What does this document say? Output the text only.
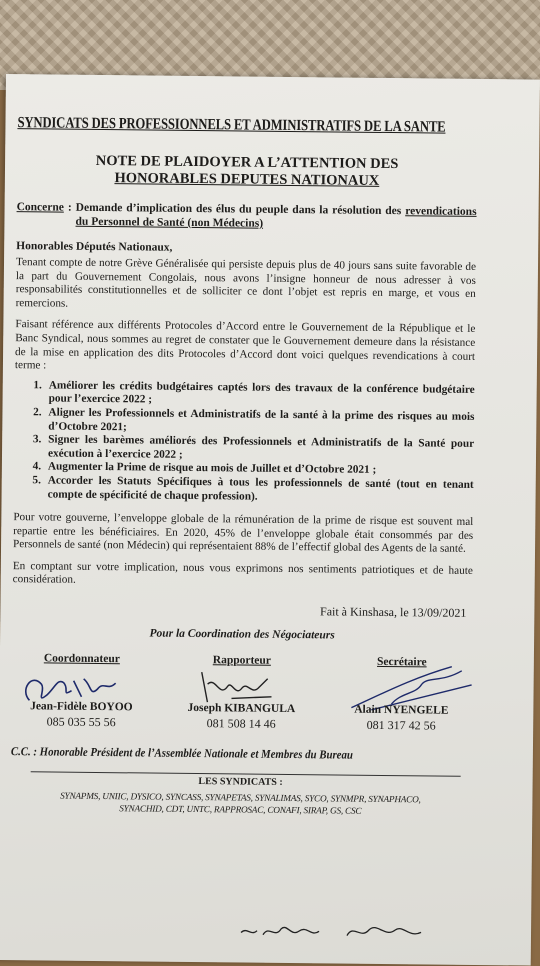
SYNDICATS DES PROFESSIONNELS ET ADMINISTRATIFS DE LA SANTE
NOTE DE PLAIDOYER A L’ATTENTION DES
HONORABLES DEPUTES NATIONAUX
Concerne : Demande d’implication des élus du peuple dans la résolution des revendications du Personnel de Santé (non Médecins)
Honorables Députés Nationaux,
Tenant compte de notre Grève Généralisée qui persiste depuis plus de 40 jours sans suite favorable de la part du Gouvernement Congolais, nous avons l’insigne honneur de nous adresser à vos responsabilités constitutionnelles et de solliciter ce dont l’objet est repris en marge, et vous en remercions.
Faisant référence aux différents Protocoles d’Accord entre le Gouvernement de la République et le Banc Syndical, nous sommes au regret de constater que le Gouvernement demeure dans la résistance de la mise en application des dits Protocoles d’Accord dont voici quelques revendications à court terme :
1. Améliorer les crédits budgétaires captés lors des travaux de la conférence budgétaire pour l’exercice 2022 ;
2. Aligner les Professionnels et Administratifs de la santé à la prime des risques au mois d’Octobre 2021;
3. Signer les barèmes améliorés des Professionnels et Administratifs de la Santé pour exécution à l’exercice 2022 ;
4. Augmenter la Prime de risque au mois de Juillet et d’Octobre 2021 ;
5. Accorder les Statuts Spécifiques à tous les professionnels de santé (tout en tenant compte de spécificité de chaque profession).
Pour votre gouverne, l’enveloppe globale de la rémunération de la prime de risque est souvent mal repartie entre les bénéficiaires. En 2020, 45% de l’enveloppe globale était consommés par des Personnels de santé (non Médecin) qui représentaient 88% de l’effectif global des Agents de la santé.
En comptant sur votre implication, nous vous exprimons nos sentiments patriotiques et de haute considération.
Fait à Kinshasa, le 13/09/2021
Pour la Coordination des Négociateurs
Coordonnateur
Jean-Fidèle BOYOO
085 035 55 56
Rapporteur
Joseph KIBANGULA
081 508 14 46
Secrétaire
Alain NYENGELE
081 317 42 56
C.C. : Honorable Président de l’Assemblée Nationale et Membres du Bureau
LES SYNDICATS :
SYNAPMS, UNIIC, DYSICO, SYNCASS, SYNAPETAS, SYNALIMAS, SYCO, SYNMPR, SYNAPHACO,
SYNACHID, CDT, UNTC, RAPPROSAC, CONAFI, SIRAP, GS, CSC
